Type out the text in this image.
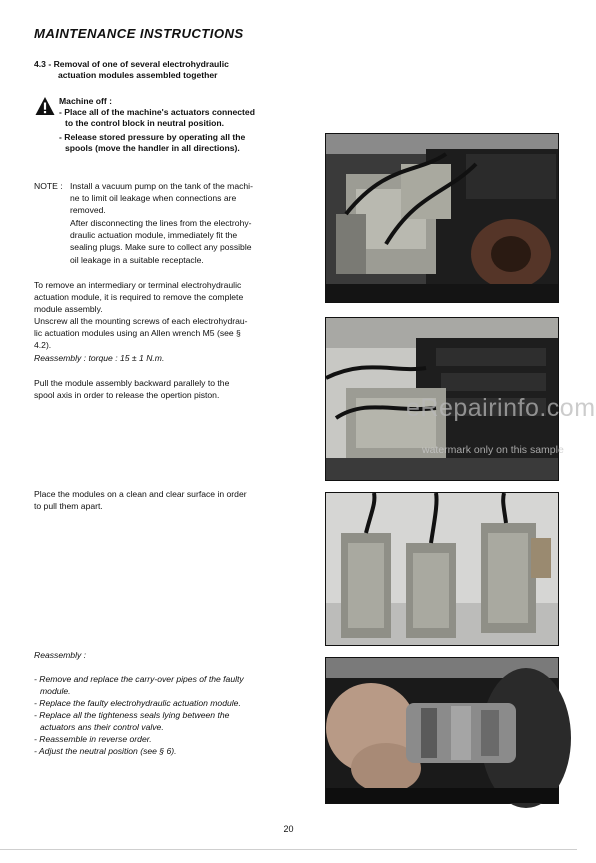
MAINTENANCE INSTRUCTIONS
4.3 - Removal of one of several electrohydraulic
actuation modules assembled together
Machine off :
- Place all of the machine's actuators connected
to the control block in neutral position.
- Release stored pressure by operating all the
spools (move the handler in all directions).
NOTE : Install a vacuum pump on the tank of the machi-
ne to limit oil leakage when connections are
removed.
After disconnecting the lines from the electrohy-
draulic actuation module, immediately fit the
sealing plugs. Make sure to collect any possible
oil leakage in a suitable receptacle.
To remove an intermediary or terminal electrohydraulic
actuation module, it is required to remove the complete
module assembly.
Unscrew all the mounting screws of each electrohydrau-
lic actuation modules using an Allen wrench M5 (see §
4.2).
Reassembly : torque : 15 ± 1 N.m.
Pull the module assembly backward parallely to the
spool axis in order to release the opertion piston.
Place the modules on a clean and clear surface in order
to pull them apart.
Reassembly :
- Remove and replace the carry-over pipes of the faulty
module.
- Replace the faulty electrohydraulic actuation module.
- Replace all the tighteness seals lying between the
actuators ans their control valve.
- Reassemble in reverse order.
- Adjust the neutral position (see § 6).
eRepairinfo.com
watermark only on this sample
20
